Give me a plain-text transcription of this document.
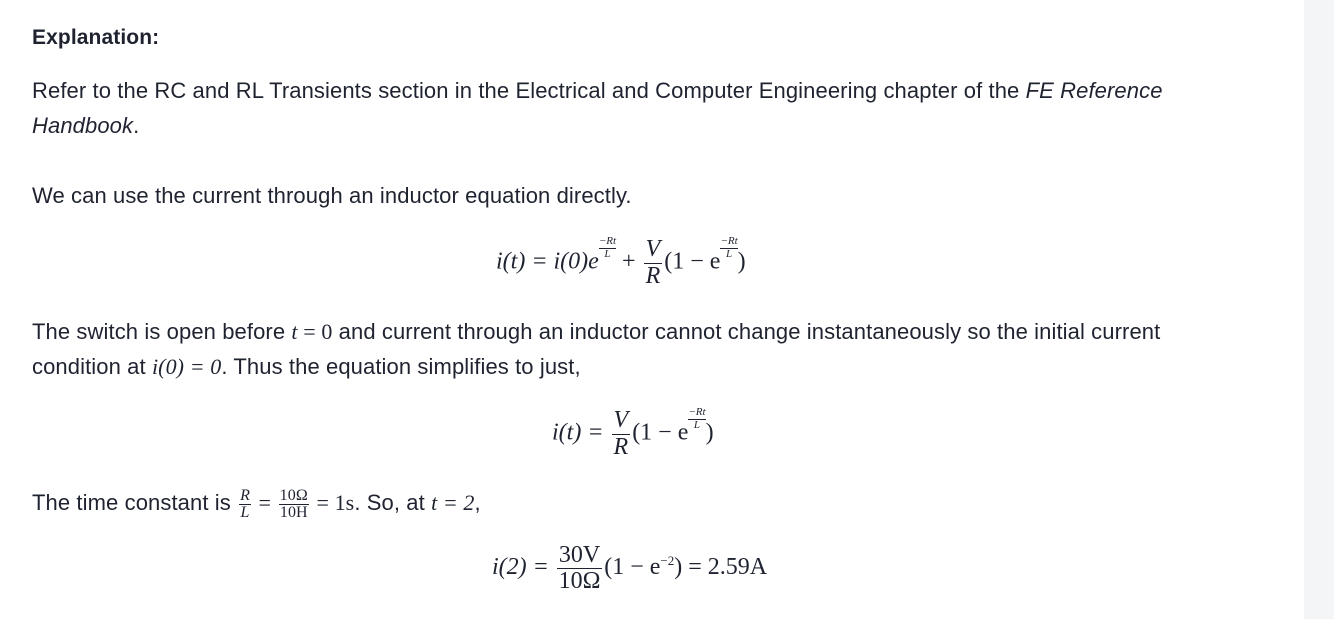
Explanation:
Refer to the RC and RL Transients section in the Electrical and Computer Engineering chapter of the FE Reference Handbook.
We can use the current through an inductor equation directly.
i(t) = i(0)e
$\frac{-Rt}{L}$
+ $\frac{V}{R} (1 - e$
$\frac{-Rt}{L}$
)
The switch is open before t = 0 and current through an inductor cannot change instantaneously so the initial current
condition at i(0) = 0. Thus the equation simplifies to just,
$i(t) = \frac{V}{R} (1 - e$
$\frac{-Rt}{L}$
)
The time constant is $\frac{R}{L} = \frac{10\Omega}{10H} = 1s$. So, at t = 2,
$i(2) = \frac{30V}{10\Omega} (1 - e^{-2}) = 2.59A$
